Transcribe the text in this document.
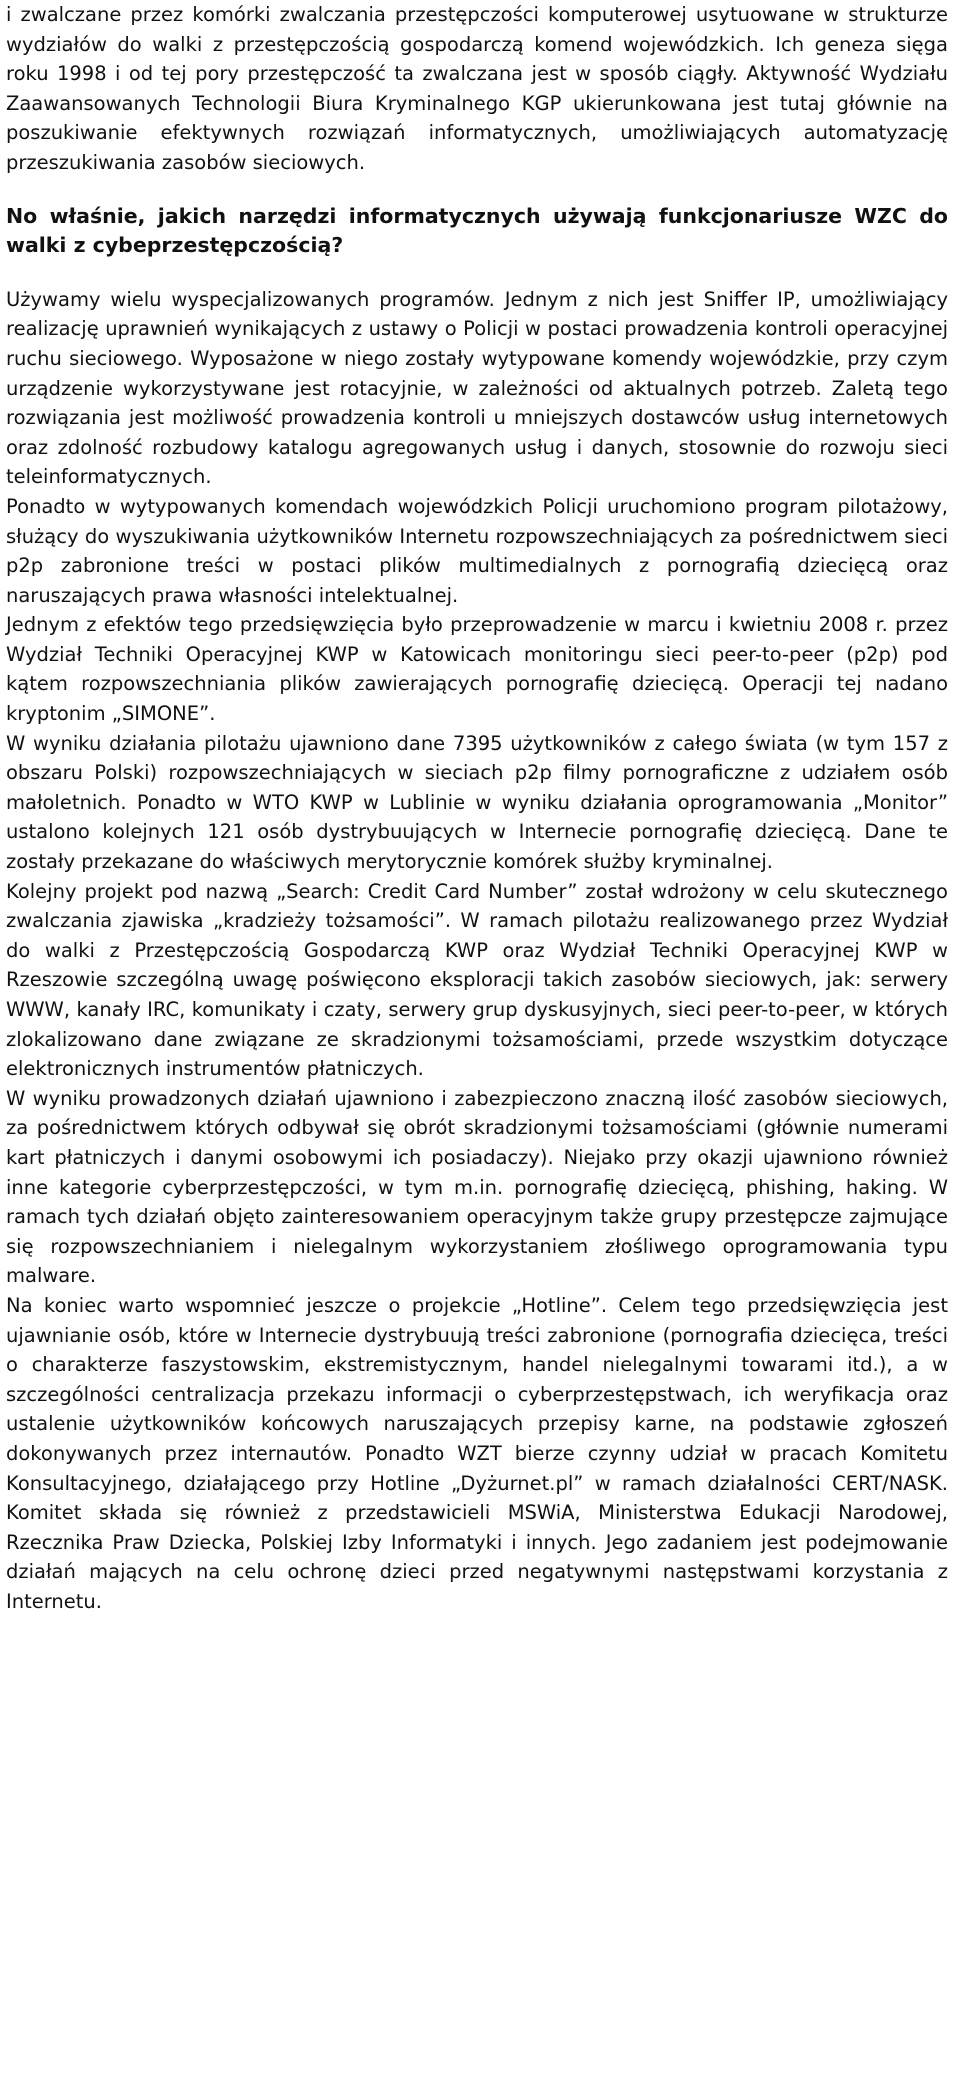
i zwalczane przez komórki zwalczania przestępczości komputerowej usytuowane w strukturze wydziałów do walki z przestępczością gospodarczą komend wojewódzkich. Ich geneza sięga roku 1998 i od tej pory przestępczość ta zwalczana jest w sposób ciągły. Aktywność Wydziału Zaawansowanych Technologii Biura Kryminalnego KGP ukierunkowana jest tutaj głównie na poszukiwanie efektywnych rozwiązań informatycznych, umożliwiających automatyzację przeszukiwania zasobów sieciowych.

No właśnie, jakich narzędzi informatycznych używają funkcjonariusze WZC do walki z cybeprzestępczością?

Używamy wielu wyspecjalizowanych programów. Jednym z nich jest Sniffer IP, umożliwiający realizację uprawnień wynikających z ustawy o Policji w postaci prowadzenia kontroli operacyjnej ruchu sieciowego. Wyposażone w niego zostały wytypowane komendy wojewódzkie, przy czym urządzenie wykorzystywane jest rotacyjnie, w zależności od aktualnych potrzeb. Zaletą tego rozwiązania jest możliwość prowadzenia kontroli u mniejszych dostawców usług internetowych oraz zdolność rozbudowy katalogu agregowanych usług i danych, stosownie do rozwoju sieci teleinformatycznych.

Ponadto w wytypowanych komendach wojewódzkich Policji uruchomiono program pilotażowy, służący do wyszukiwania użytkowników Internetu rozpowszechniających za pośrednictwem sieci p2p zabronione treści w postaci plików multimedialnych z pornografią dziecięcą oraz naruszających prawa własności intelektualnej.

Jednym z efektów tego przedsięwzięcia było przeprowadzenie w marcu i kwietniu 2008 r. przez Wydział Techniki Operacyjnej KWP w Katowicach monitoringu sieci peer-to-peer (p2p) pod kątem rozpowszechniania plików zawierających pornografię dziecięcą. Operacji tej nadano kryptonim „SIMONE”.

W wyniku działania pilotażu ujawniono dane 7395 użytkowników z całego świata (w tym 157 z obszaru Polski) rozpowszechniających w sieciach p2p filmy pornograficzne z udziałem osób małoletnich. Ponadto w WTO KWP w Lublinie w wyniku działania oprogramowania „Monitor” ustalono kolejnych 121 osób dystrybuujących w Internecie pornografię dziecięcą. Dane te zostały przekazane do właściwych merytorycznie komórek służby kryminalnej.

Kolejny projekt pod nazwą „Search: Credit Card Number” został wdrożony w celu skutecznego zwalczania zjawiska „kradzieży tożsamości”. W ramach pilotażu realizowanego przez Wydział do walki z Przestępczością Gospodarczą KWP oraz Wydział Techniki Operacyjnej KWP w Rzeszowie szczególną uwagę poświęcono eksploracji takich zasobów sieciowych, jak: serwery WWW, kanały IRC, komunikaty i czaty, serwery grup dyskusyjnych, sieci peer-to-peer, w których zlokalizowano dane związane ze skradzionymi tożsamościami, przede wszystkim dotyczące elektronicznych instrumentów płatniczych.

W wyniku prowadzonych działań ujawniono i zabezpieczono znaczną ilość zasobów sieciowych, za pośrednictwem których odbywał się obrót skradzionymi tożsamościami (głównie numerami kart płatniczych i danymi osobowymi ich posiadaczy). Niejako przy okazji ujawniono również inne kategorie cyberprzestępczości, w tym m.in. pornografię dziecięcą, phishing, haking. W ramach tych działań objęto zainteresowaniem operacyjnym także grupy przestępcze zajmujące się rozpowszechnianiem i nielegalnym wykorzystaniem złośliwego oprogramowania typu malware.

Na koniec warto wspomnieć jeszcze o projekcie „Hotline”. Celem tego przedsięwzięcia jest ujawnianie osób, które w Internecie dystrybuują treści zabronione (pornografia dziecięca, treści o charakterze faszystowskim, ekstremistycznym, handel nielegalnymi towarami itd.), a w szczególności centralizacja przekazu informacji o cyberprzestępstwach, ich weryfikacja oraz ustalenie użytkowników końcowych naruszających przepisy karne, na podstawie zgłoszeń dokonywanych przez internautów. Ponadto WZT bierze czynny udział w pracach Komitetu Konsultacyjnego, działającego przy Hotline „Dyżurnet.pl” w ramach działalności CERT/NASK. Komitet składa się również z przedstawicieli MSWiA, Ministerstwa Edukacji Narodowej, Rzecznika Praw Dziecka, Polskiej Izby Informatyki i innych. Jego zadaniem jest podejmowanie działań mających na celu ochronę dzieci przed negatywnymi następstwami korzystania z Internetu.
